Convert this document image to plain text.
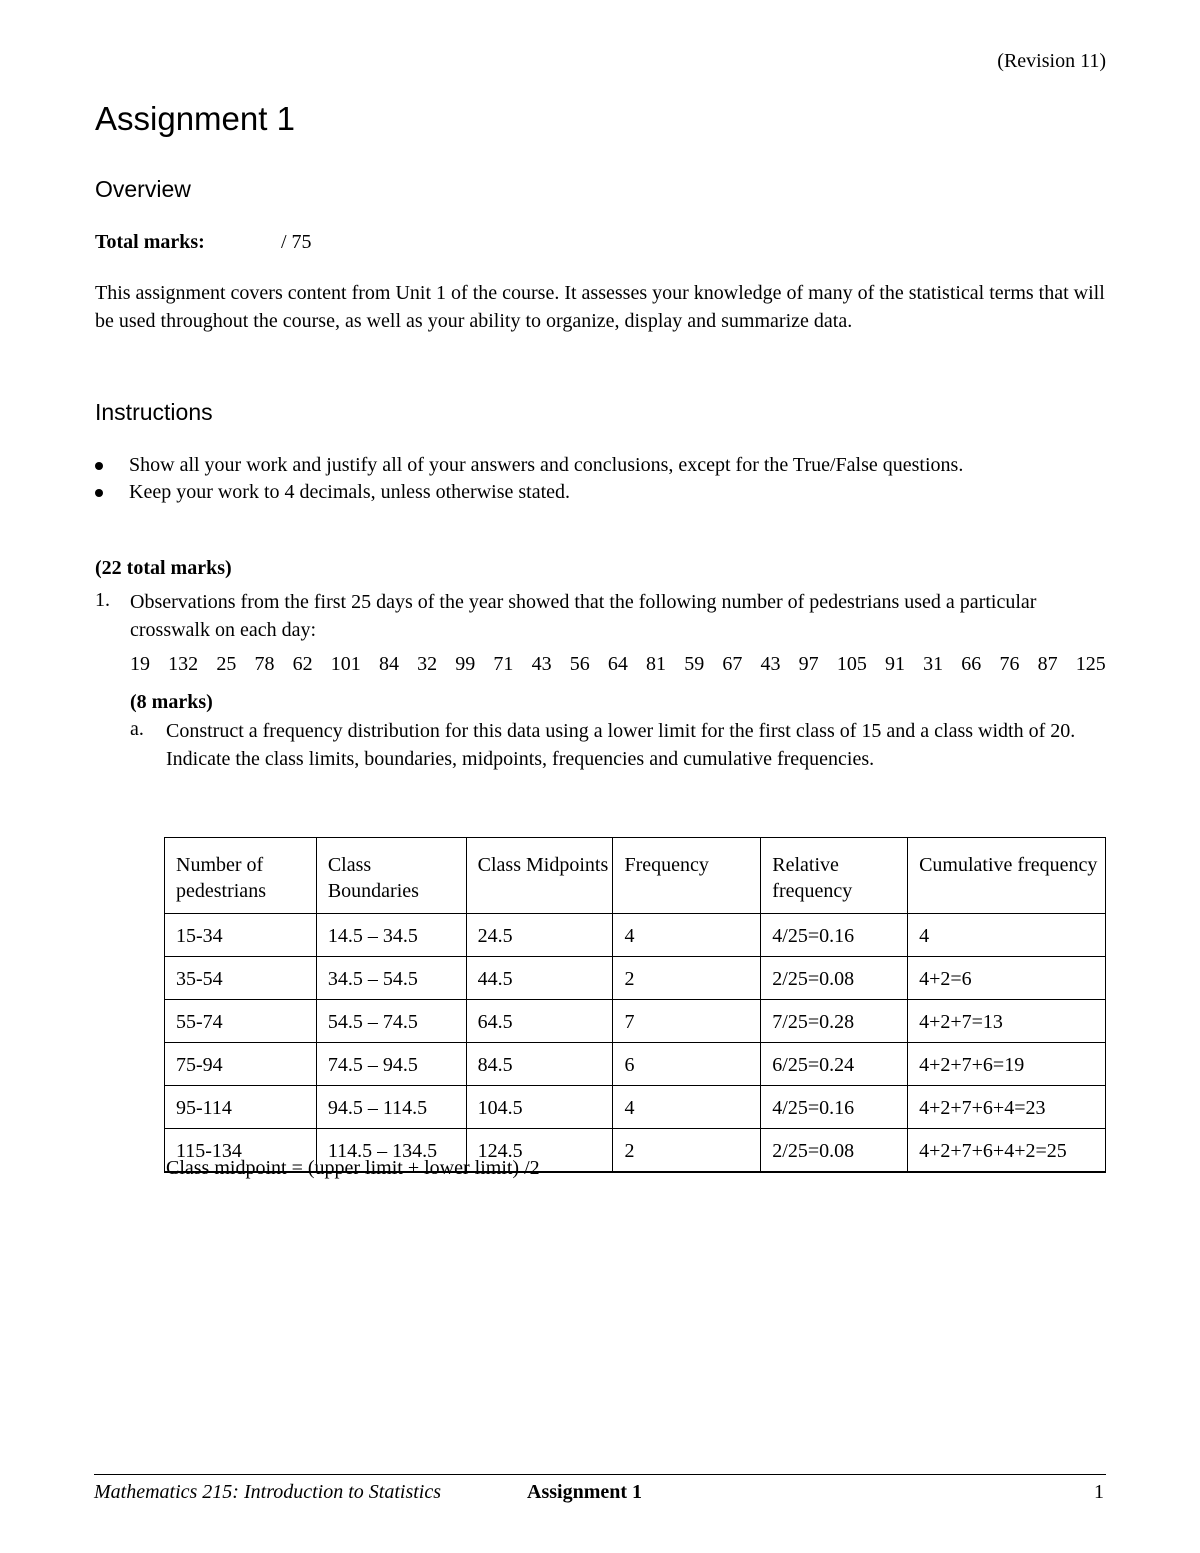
(Revision 11)
Assignment 1
Overview
Total marks:	/ 75

This assignment covers content from Unit 1 of the course. It assesses your knowledge of many of the statistical terms that will be used throughout the course, as well as your ability to organize, display and summarize data.

Instructions
Show all your work and justify all of your answers and conclusions, except for the True/False questions.
Keep your work to 4 decimals, unless otherwise stated.
(22 total marks)
1. Observations from the first 25 days of the year showed that the following number of pedestrians used a particular crosswalk on each day:

19 132 25 78 62 101 84 32 99 71 43 56 64 81 59 67 43 97 105 91 31 66 76 87 125
(8 marks)
a. Construct a frequency distribution for this data using a lower limit for the first class of 15 and a class width of 20. Indicate the class limits, boundaries, midpoints, frequencies and cumulative frequencies.

Number of pedestrians	Class Boundaries	Class Midpoints	Frequency	Relative frequency	Cumulative frequency
15-34	14.5 – 34.5	24.5	4	4/25=0.16	4
35-54	34.5 – 54.5	44.5	2	2/25=0.08	4+2=6
55-74	54.5 – 74.5	64.5	7	7/25=0.28	4+2+7=13
75-94	74.5 – 94.5	84.5	6	6/25=0.24	4+2+7+6=19
95-114	94.5 – 114.5	104.5	4	4/25=0.16	4+2+7+6+4=23
115-134	114.5 – 134.5	124.5	2	2/25=0.08	4+2+7+6+4+2=25
Class midpoint = (upper limit + lower limit) /2
Mathematics 215: Introduction to Statistics	Assignment 1	1
